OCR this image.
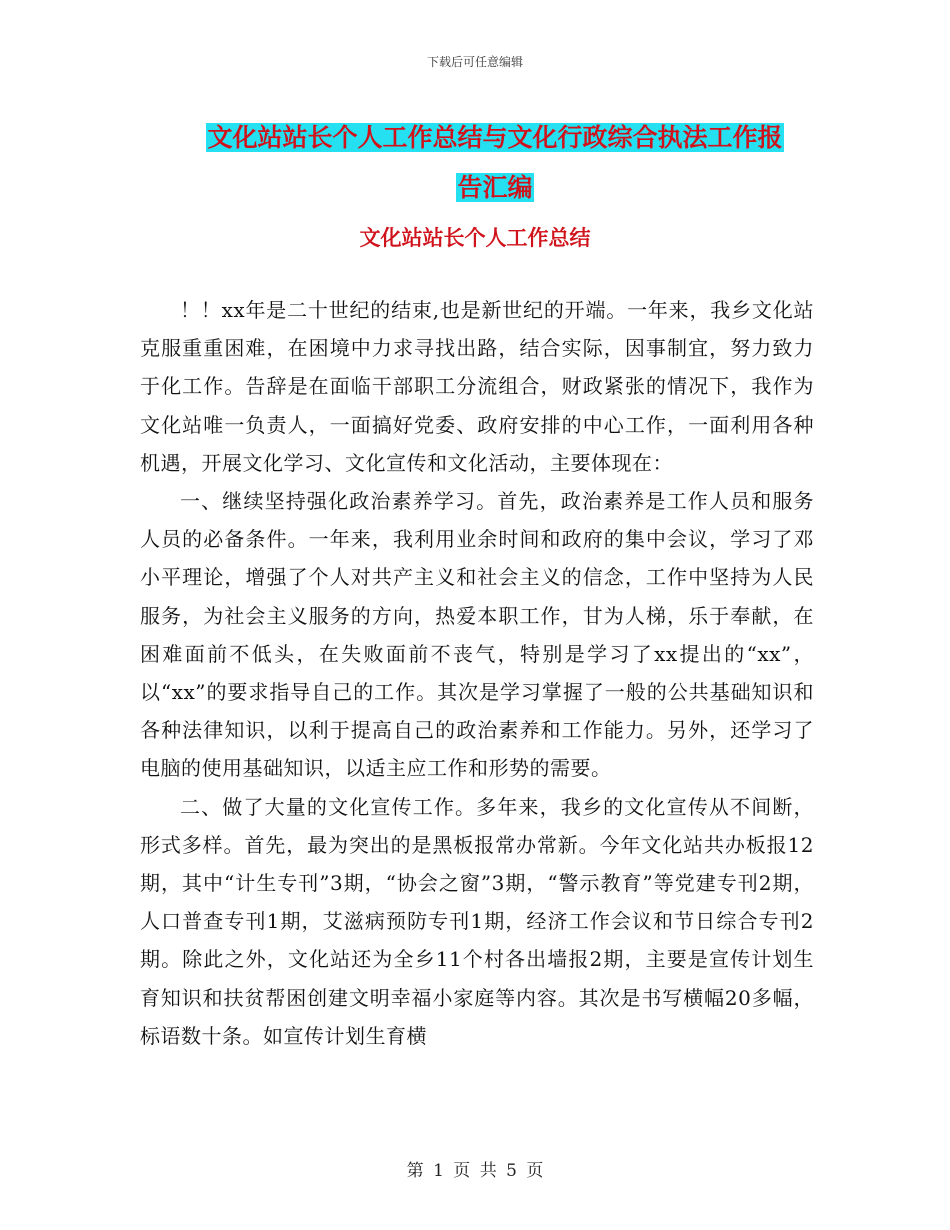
下载后可任意编辑
文化站站长个人工作总结与文化行政综合执法工作报
告汇编
文化站站长个人工作总结

！！xx年是二十世纪的结束,也是新世纪的开端。一年来，我乡文化站克服重重困难，在困境中力求寻找出路，结合实际，因事制宜，努力致力于化工作。告辞是在面临干部职工分流组合，财政紧张的情况下，我作为文化站唯一负责人，一面搞好党委、政府安排的中心工作，一面利用各种机遇，开展文化学习、文化宣传和文化活动，主要体现在：

一、继续坚持强化政治素养学习。首先，政治素养是工作人员和服务人员的必备条件。一年来，我利用业余时间和政府的集中会议，学习了邓小平理论，增强了个人对共产主义和社会主义的信念，工作中坚持为人民服务，为社会主义服务的方向，热爱本职工作，甘为人梯，乐于奉献，在困难面前不低头，在失败面前不丧气，特别是学习了xx提出的“xx”，以“xx”的要求指导自己的工作。其次是学习掌握了一般的公共基础知识和各种法律知识，以利于提高自己的政治素养和工作能力。另外，还学习了电脑的使用基础知识，以适主应工作和形势的需要。

二、做了大量的文化宣传工作。多年来，我乡的文化宣传从不间断，形式多样。首先，最为突出的是黑板报常办常新。今年文化站共办板报12期，其中“计生专刊”3期，“协会之窗”3期，“警示教育”等党建专刊2期，人口普查专刊1期，艾滋病预防专刊1期，经济工作会议和节日综合专刊2期。除此之外，文化站还为全乡11个村各出墙报2期，主要是宣传计划生育知识和扶贫帮困创建文明幸福小家庭等内容。其次是书写横幅20多幅，标语数十条。如宣传计划生育横

第 1 页 共 5 页
